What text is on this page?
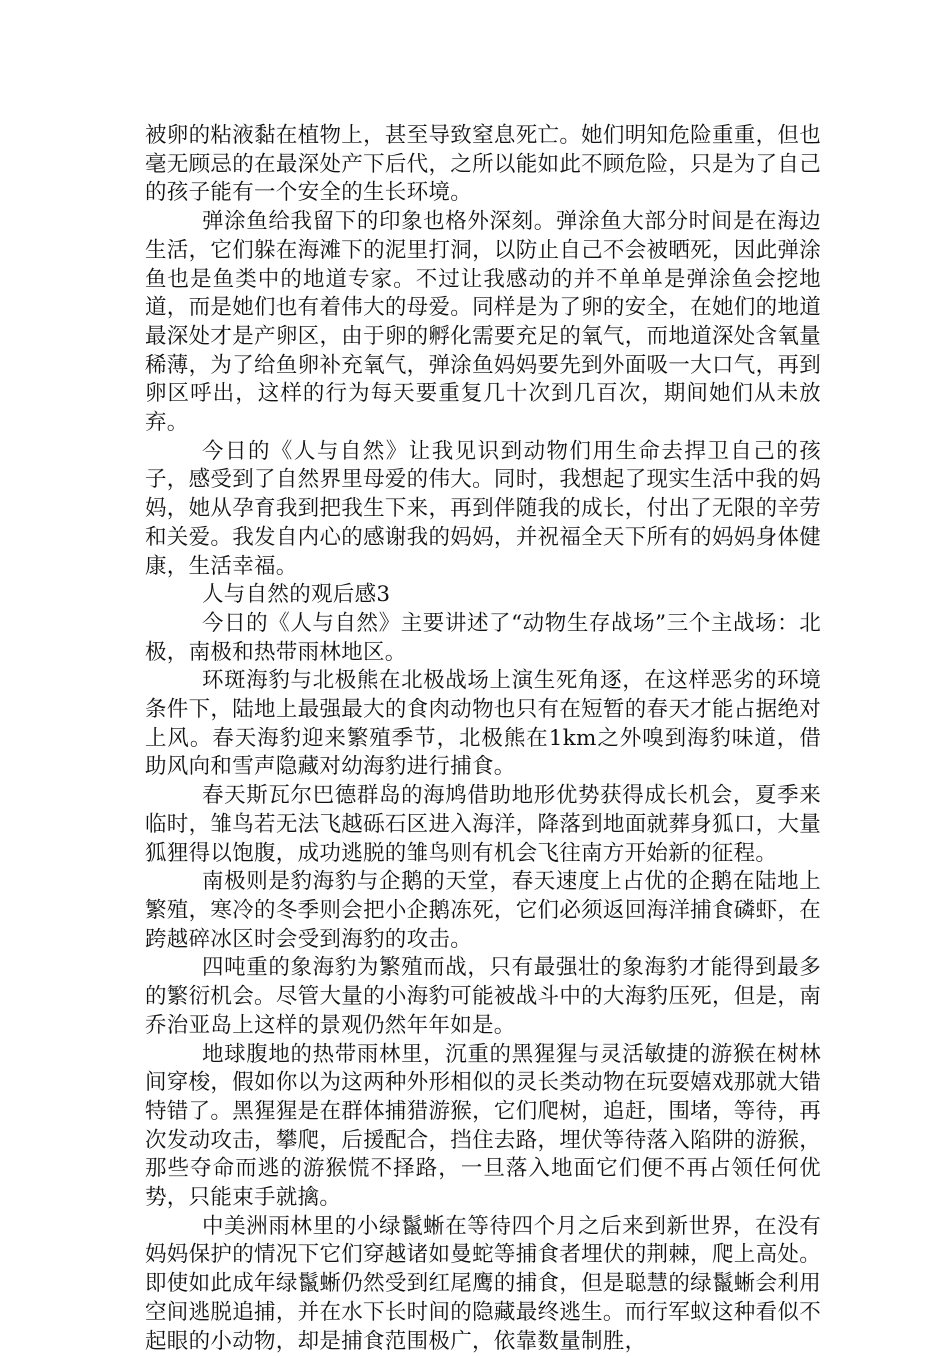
被卵的粘液黏在植物上，甚至导致窒息死亡。她们明知危险重重，但也毫无顾忌的在最深处产下后代，之所以能如此不顾危险，只是为了自己的孩子能有一个安全的生长环境。

弹涂鱼给我留下的印象也格外深刻。弹涂鱼大部分时间是在海边生活，它们躲在海滩下的泥里打洞，以防止自己不会被晒死，因此弹涂鱼也是鱼类中的地道专家。不过让我感动的并不单单是弹涂鱼会挖地道，而是她们也有着伟大的母爱。同样是为了卵的安全，在她们的地道最深处才是产卵区，由于卵的孵化需要充足的氧气，而地道深处含氧量稀薄，为了给鱼卵补充氧气，弹涂鱼妈妈要先到外面吸一大口气，再到卵区呼出，这样的行为每天要重复几十次到几百次，期间她们从未放弃。

今日的《人与自然》让我见识到动物们用生命去捍卫自己的孩子，感受到了自然界里母爱的伟大。同时，我想起了现实生活中我的妈妈，她从孕育我到把我生下来，再到伴随我的成长，付出了无限的辛劳和关爱。我发自内心的感谢我的妈妈，并祝福全天下所有的妈妈身体健康，生活幸福。

人与自然的观后感3

今日的《人与自然》主要讲述了“动物生存战场”三个主战场：北极，南极和热带雨林地区。

环斑海豹与北极熊在北极战场上演生死角逐，在这样恶劣的环境条件下，陆地上最强最大的食肉动物也只有在短暂的春天才能占据绝对上风。春天海豹迎来繁殖季节，北极熊在1km之外嗅到海豹味道，借助风向和雪声隐藏对幼海豹进行捕食。

春天斯瓦尔巴德群岛的海鸠借助地形优势获得成长机会，夏季来临时，雏鸟若无法飞越砾石区进入海洋，降落到地面就葬身狐口，大量狐狸得以饱腹，成功逃脱的雏鸟则有机会飞往南方开始新的征程。

南极则是豹海豹与企鹅的天堂，春天速度上占优的企鹅在陆地上繁殖，寒冷的冬季则会把小企鹅冻死，它们必须返回海洋捕食磷虾，在跨越碎冰区时会受到海豹的攻击。

四吨重的象海豹为繁殖而战，只有最强壮的象海豹才能得到最多的繁衍机会。尽管大量的小海豹可能被战斗中的大海豹压死，但是，南乔治亚岛上这样的景观仍然年年如是。

地球腹地的热带雨林里，沉重的黑猩猩与灵活敏捷的游猴在树林间穿梭，假如你以为这两种外形相似的灵长类动物在玩耍嬉戏那就大错特错了。黑猩猩是在群体捕猎游猴，它们爬树，追赶，围堵，等待，再次发动攻击，攀爬，后援配合，挡住去路，埋伏等待落入陷阱的游猴，那些夺命而逃的游猴慌不择路，一旦落入地面它们便不再占领任何优势，只能束手就擒。

中美洲雨林里的小绿鬣蜥在等待四个月之后来到新世界，在没有妈妈保护的情况下它们穿越诸如曼蛇等捕食者埋伏的荆棘，爬上高处。即使如此成年绿鬣蜥仍然受到红尾鹰的捕食，但是聪慧的绿鬣蜥会利用空间逃脱追捕，并在水下长时间的隐藏最终逃生。而行军蚁这种看似不起眼的小动物，却是捕食范围极广，依靠数量制胜，
